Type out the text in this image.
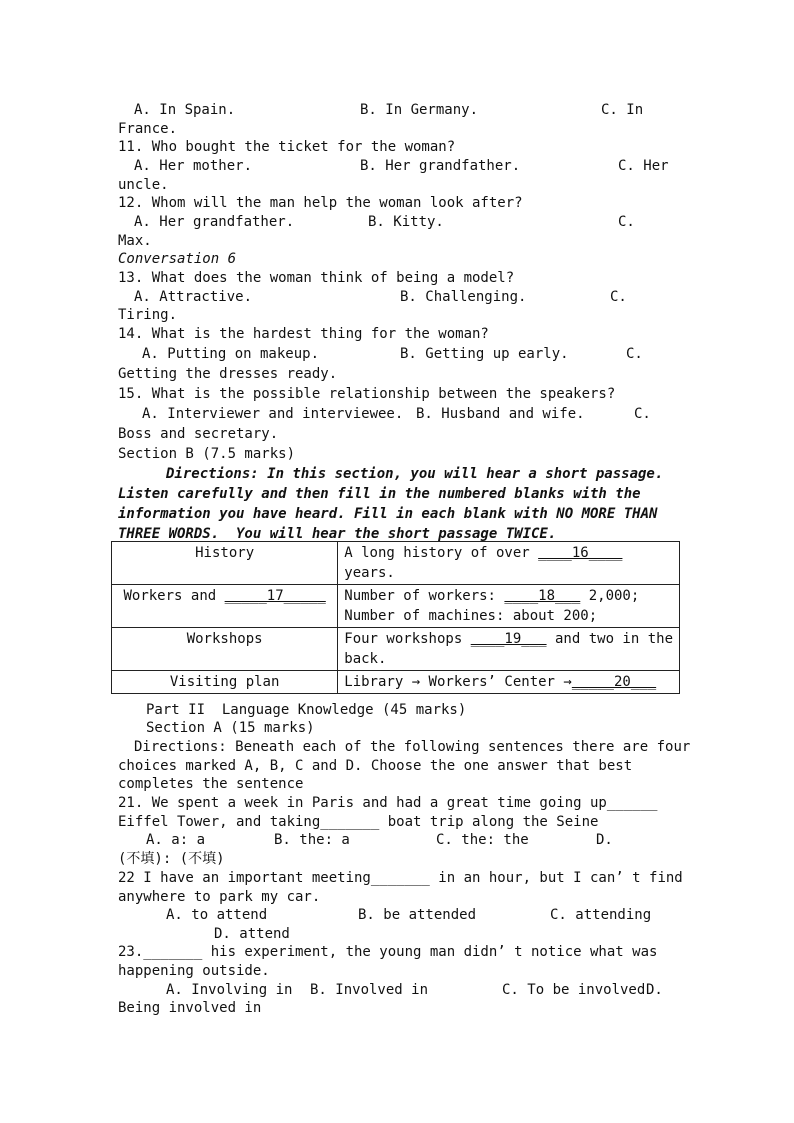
A. In Spain.	B. In Germany.	C. In
France.
11. Who bought the ticket for the woman?
A. Her mother.	B. Her grandfather.	C. Her
uncle.
12. Whom will the man help the woman look after?
A. Her grandfather.	B. Kitty.	C.
Max.
Conversation 6
13. What does the woman think of being a model?
A. Attractive.	B. Challenging.	C.
Tiring.
14. What is the hardest thing for the woman?
A. Putting on makeup.	B. Getting up early.	C.
Getting the dresses ready.
15. What is the possible relationship between the speakers?
A. Interviewer and interviewee. B. Husband and wife.	C.
Boss and secretary.
Section B (7.5 marks)
Directions: In this section, you will hear a short passage.
Listen carefully and then fill in the numbered blanks with the
information you have heard. Fill in each blank with NO MORE THAN
THREE WORDS.  You will hear the short passage TWICE.
History	A long history of over ____16____ years.
Workers and _____17_____	Number of workers: ____18___ 2,000;
Number of machines: about 200;

Workshops	Four workshops ____19___ and two in the
back.

Visiting plan	Library → Workers’ Center →_____20___
Part II  Language Knowledge (45 marks)
Section A (15 marks)
Directions: Beneath each of the following sentences there are four
choices marked A, B, C and D. Choose the one answer that best
completes the sentence
21. We spent a week in Paris and had a great time going up______
Eiffel Tower, and taking_______ boat trip along the Seine
A. a: a	B. the: a	C. the: the	D.
(不填): (不填)
22 I have an important meeting_______ in an hour, but I can’ t find
anywhere to park my car.
A. to attend	B. be attended	C. attending
D. attend
23._______ his experiment, the young man didn’ t notice what was
happening outside.
A. Involving in B. Involved in	C. To be involved D.
Being involved in
